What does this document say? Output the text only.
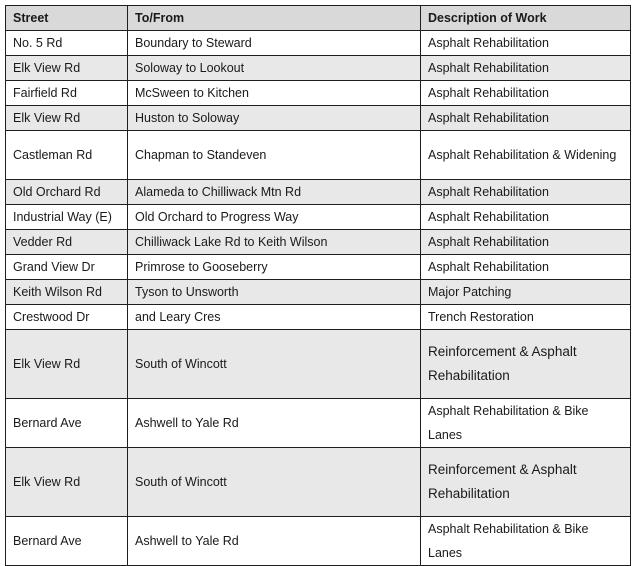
Street	To/From	Description of Work
No. 5 Rd	Boundary to Steward	Asphalt Rehabilitation
Elk View Rd	Soloway to Lookout	Asphalt Rehabilitation
Fairfield Rd	McSween to Kitchen	Asphalt Rehabilitation
Elk View Rd	Huston to Soloway	Asphalt Rehabilitation
Castleman Rd	Chapman to Standeven	Asphalt Rehabilitation & Widening
Old Orchard Rd	Alameda to Chilliwack Mtn Rd	Asphalt Rehabilitation
Industrial Way (E)	Old Orchard to Progress Way	Asphalt Rehabilitation
Vedder Rd	Chilliwack Lake Rd to Keith Wilson	Asphalt Rehabilitation
Grand View Dr	Primrose to Gooseberry	Asphalt Rehabilitation
Keith Wilson Rd	Tyson to Unsworth	Major Patching
Crestwood Dr	and Leary Cres	Trench Restoration
Elk View Rd	South of Wincott	Reinforcement & Asphalt Rehabilitation
Bernard Ave	Ashwell to Yale Rd	Asphalt Rehabilitation & Bike Lanes
Elk View Rd	South of Wincott	Reinforcement & Asphalt Rehabilitation
Bernard Ave	Ashwell to Yale Rd	Asphalt Rehabilitation & Bike Lanes
